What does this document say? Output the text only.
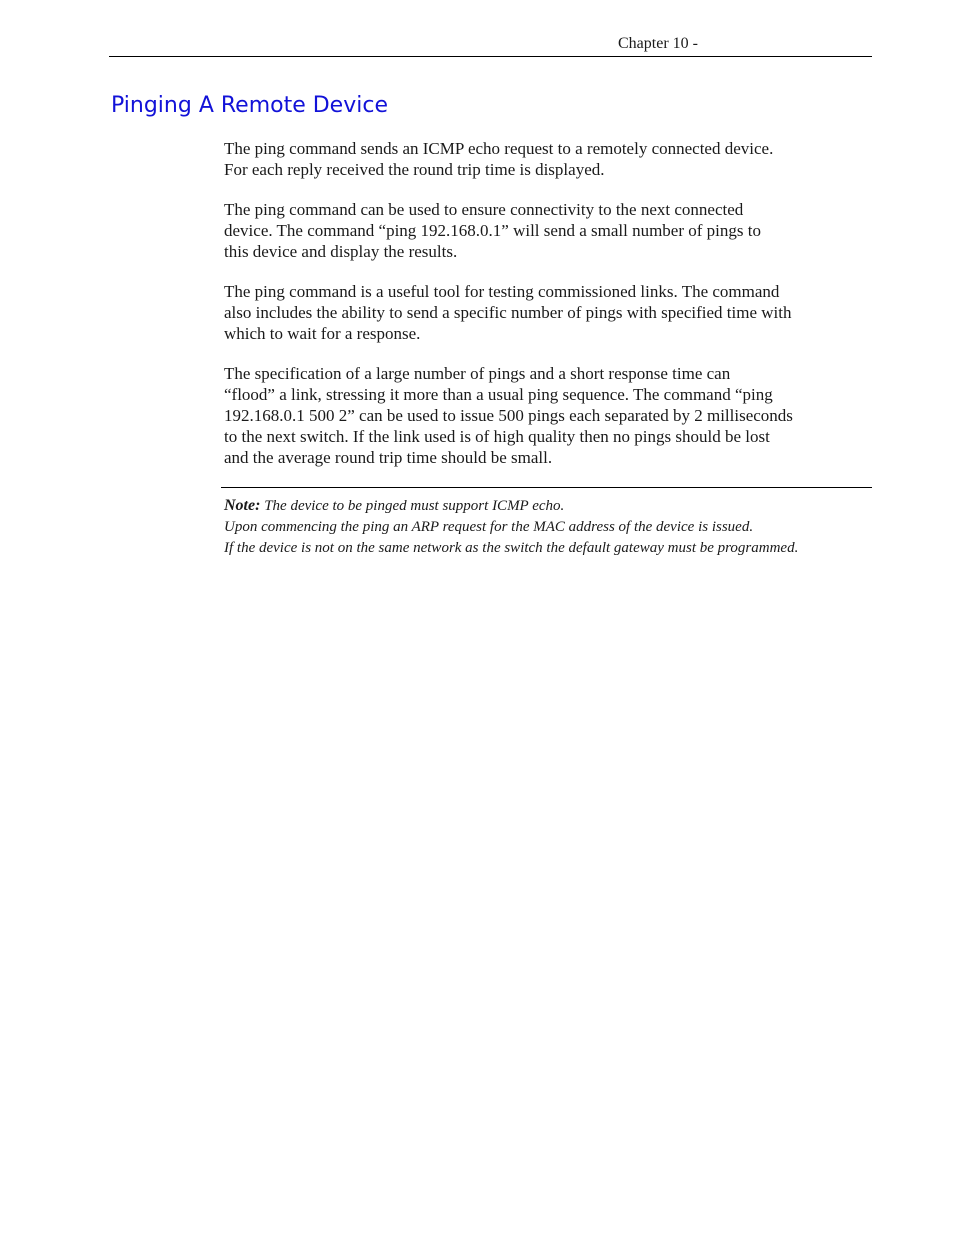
Chapter 10 -
Pinging A Remote Device

The ping command sends an ICMP echo request to a remotely connected device.
For each reply received the round trip time is displayed.

The ping command can be used to ensure connectivity to the next connected
device. The command “ping 192.168.0.1” will send a small number of pings to
this device and display the results.

The ping command is a useful tool for testing commissioned links. The command
also includes the ability to send a specific number of pings with specified time with
which to wait for a response.

The specification of a large number of pings and a short response time can
“flood” a link, stressing it more than a usual ping sequence. The command “ping
192.168.0.1 500 2” can be used to issue 500 pings each separated by 2 milliseconds
to the next switch. If the link used is of high quality then no pings should be lost
and the average round trip time should be small.

Note: The device to be pinged must support ICMP echo.
Upon commencing the ping an ARP request for the MAC address of the device is issued.
If the device is not on the same network as the switch the default gateway must be programmed.
